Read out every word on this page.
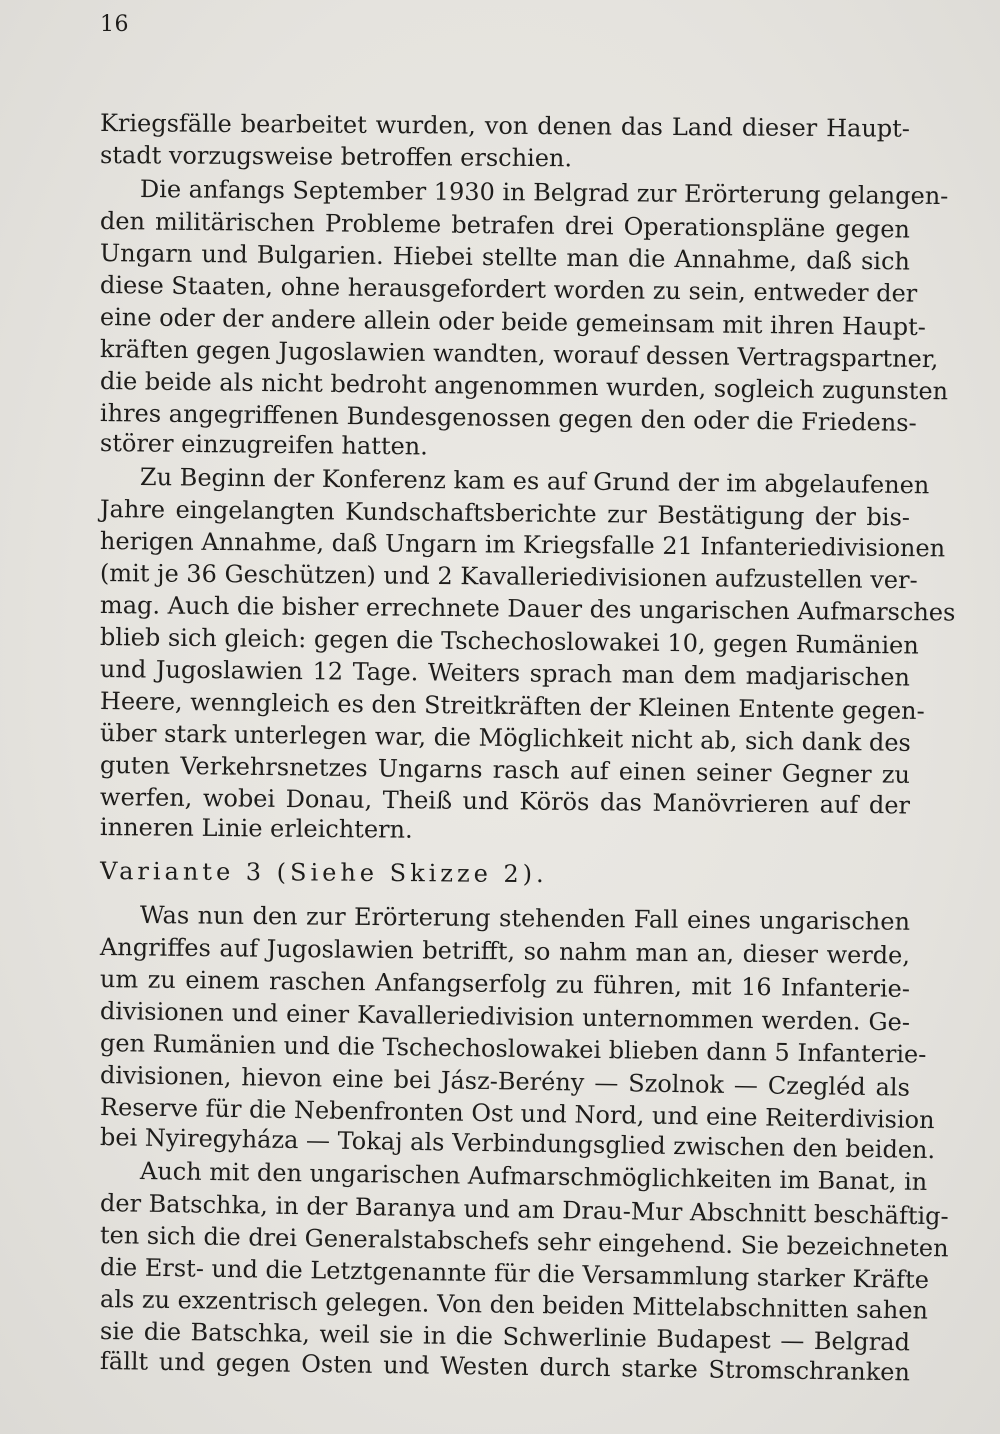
16
Kriegsfälle bearbeitet wurden, von denen das Land dieser Haupt-
stadt vorzugsweise betroffen erschien.
Die anfangs September 1930 in Belgrad zur Erörterung gelangen-
den militärischen Probleme betrafen drei Operationspläne gegen
Ungarn und Bulgarien. Hiebei stellte man die Annahme, daß sich
diese Staaten, ohne herausgefordert worden zu sein, entweder der
eine oder der andere allein oder beide gemeinsam mit ihren Haupt-
kräften gegen Jugoslawien wandten, worauf dessen Vertragspartner,
die beide als nicht bedroht angenommen wurden, sogleich zugunsten
ihres angegriffenen Bundesgenossen gegen den oder die Friedens-
störer einzugreifen hatten.
Zu Beginn der Konferenz kam es auf Grund der im abgelaufenen
Jahre eingelangten Kundschaftsberichte zur Bestätigung der bis-
herigen Annahme, daß Ungarn im Kriegsfalle 21 Infanteriedivisionen
(mit je 36 Geschützen) und 2 Kavalleriedivisionen aufzustellen ver-
mag. Auch die bisher errechnete Dauer des ungarischen Aufmarsches
blieb sich gleich: gegen die Tschechoslowakei 10, gegen Rumänien
und Jugoslawien 12 Tage. Weiters sprach man dem madjarischen
Heere, wenngleich es den Streitkräften der Kleinen Entente gegen-
über stark unterlegen war, die Möglichkeit nicht ab, sich dank des
guten Verkehrsnetzes Ungarns rasch auf einen seiner Gegner zu
werfen, wobei Donau, Theiß und Körös das Manövrieren auf der
inneren Linie erleichtern.
Variante 3 (Siehe Skizze 2).
Was nun den zur Erörterung stehenden Fall eines ungarischen
Angriffes auf Jugoslawien betrifft, so nahm man an, dieser werde,
um zu einem raschen Anfangserfolg zu führen, mit 16 Infanterie-
divisionen und einer Kavalleriedivision unternommen werden. Ge-
gen Rumänien und die Tschechoslowakei blieben dann 5 Infanterie-
divisionen, hievon eine bei Jász-Berény — Szolnok — Czegléd als
Reserve für die Nebenfronten Ost und Nord, und eine Reiterdivision
bei Nyiregyháza — Tokaj als Verbindungsglied zwischen den beiden.
Auch mit den ungarischen Aufmarschmöglichkeiten im Banat, in
der Batschka, in der Baranya und am Drau-Mur Abschnitt beschäftig-
ten sich die drei Generalstabschefs sehr eingehend. Sie bezeichneten
die Erst- und die Letztgenannte für die Versammlung starker Kräfte
als zu exzentrisch gelegen. Von den beiden Mittelabschnitten sahen
sie die Batschka, weil sie in die Schwerlinie Budapest — Belgrad
fällt und gegen Osten und Westen durch starke Stromschranken
